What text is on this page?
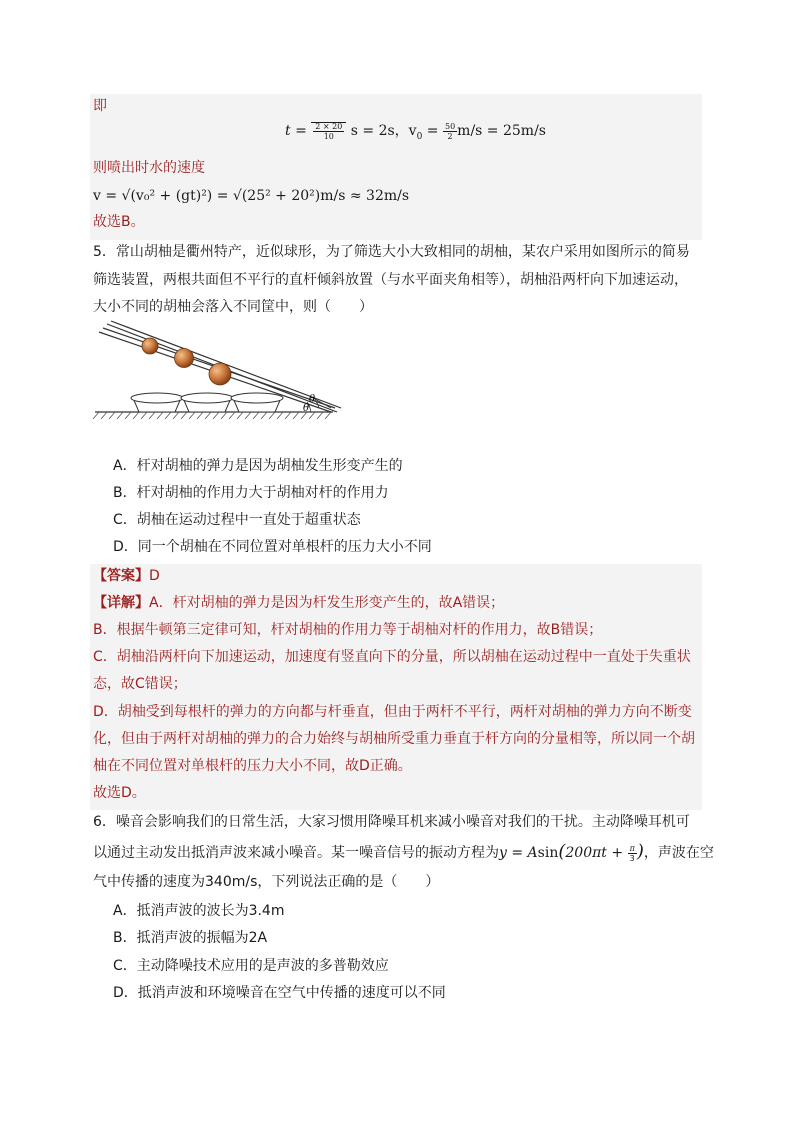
即
$t = \frac{2 \times 20}{10}$ s = 2s，$v_0 = \frac{50}{2} m/s = 25m/s$
则喷出时水的速度
v = √(v₀² + (gt)²) = √(25² + 20²)m/s ≈ 32m/s
故选B。
5．常山胡柚是衢州特产，近似球形，为了筛选大小大致相同的胡柚，某农户采用如图所示的简易
筛选装置，两根共面但不平行的直杆倾斜放置（与水平面夹角相等），胡柚沿两杆向下加速运动，
大小不同的胡柚会落入不同筐中，则（　　）
θ
θ
A．杆对胡柚的弹力是因为胡柚发生形变产生的
B．杆对胡柚的作用力大于胡柚对杆的作用力
C．胡柚在运动过程中一直处于超重状态
D．同一个胡柚在不同位置对单根杆的压力大小不同
【答案】D
【详解】A．杆对胡柚的弹力是因为杆发生形变产生的，故A错误；
B．根据牛顿第三定律可知，杆对胡柚的作用力等于胡柚对杆的作用力，故B错误；
C．胡柚沿两杆向下加速运动，加速度有竖直向下的分量，所以胡柚在运动过程中一直处于失重状
态，故C错误；
D．胡柚受到每根杆的弹力的方向都与杆垂直，但由于两杆不平行，两杆对胡柚的弹力方向不断变
化，但由于两杆对胡柚的弹力的合力始终与胡柚所受重力垂直于杆方向的分量相等，所以同一个胡
柚在不同位置对单根杆的压力大小不同，故D正确。
故选D。
6．噪音会影响我们的日常生活，大家习惯用降噪耳机来减小噪音对我们的干扰。主动降噪耳机可
以通过主动发出抵消声波来减小噪音。某一噪音信号的振动方程为$y = Asin(200\pi t + \frac{\pi}{3}$ )，声波在空
气中传播的速度为340m/s，下列说法正确的是（　　）
A．抵消声波的波长为3.4m
B．抵消声波的振幅为2A
C．主动降噪技术应用的是声波的多普勒效应
D．抵消声波和环境噪音在空气中传播的速度可以不同
